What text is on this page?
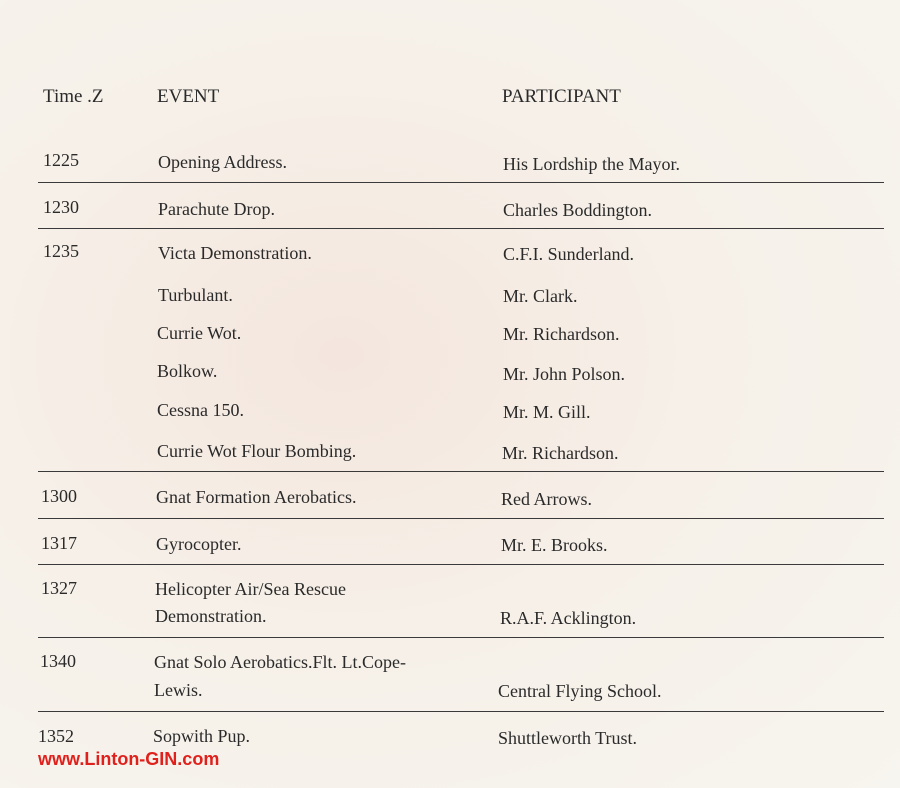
Time .Z	EVENT	PARTICIPANT
1225	Opening Address.	His Lordship the Mayor.
1230	Parachute Drop.	Charles Boddington.
1235	Victa Demonstration.	C.F.I. Sunderland.
Turbulant.	Mr. Clark.
Currie Wot.	Mr. Richardson.
Bolkow.	Mr. John Polson.
Cessna 150.	Mr. M. Gill.
Currie Wot Flour Bombing.	Mr. Richardson.
1300	Gnat Formation Aerobatics.	Red Arrows.
1317	Gyrocopter.	Mr. E. Brooks.
1327	Helicopter Air/Sea Rescue
Demonstration.	R.A.F. Acklington.
1340	Gnat Solo Aerobatics.Flt. Lt.Cope-
Lewis.	Central Flying School.
1352	Sopwith Pup.	Shuttleworth Trust.
www.Linton-GIN.com
